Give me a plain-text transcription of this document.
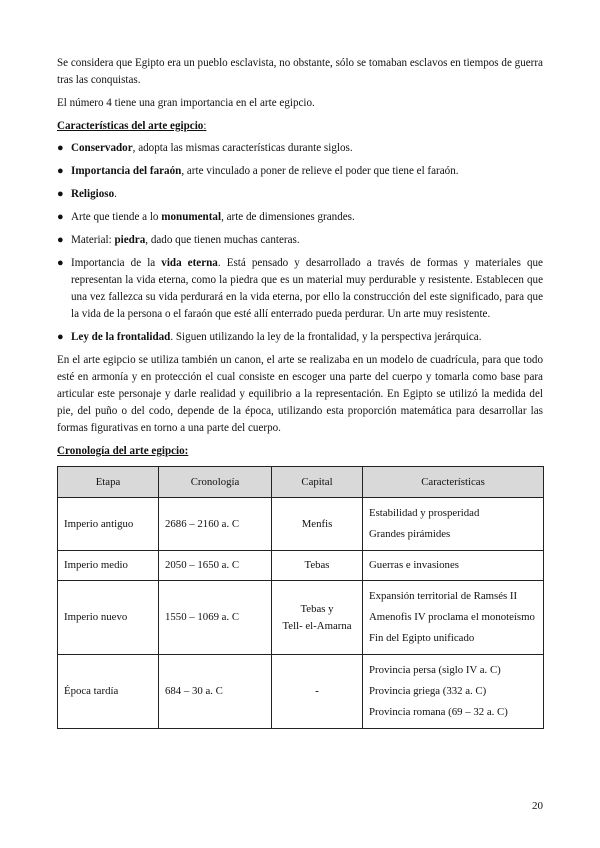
Se considera que Egipto era un pueblo esclavista, no obstante, sólo se tomaban esclavos en tiempos de guerra tras las conquistas.

El número 4 tiene una gran importancia en el arte egipcio.

Características del arte egipcio:
● Conservador, adopta las mismas características durante siglos.
● Importancia del faraón, arte vinculado a poner de relieve el poder que tiene el faraón.
● Religioso.
● Arte que tiende a lo monumental, arte de dimensiones grandes.
● Material: piedra, dado que tienen muchas canteras.
● Importancia de la vida eterna. Está pensado y desarrollado a través de formas y materiales que representan la vida eterna, como la piedra que es un material muy perdurable y resistente. Establecen que una vez fallezca su vida perdurará en la vida eterna, por ello la construcción del este significado, para que la vida de la persona o el faraón que esté allí enterrado pueda perdurar. Un arte muy resistente.
● Ley de la frontalidad. Siguen utilizando la ley de la frontalidad, y la perspectiva jerárquica.

En el arte egipcio se utiliza también un canon, el arte se realizaba en un modelo de cuadrícula, para que todo esté en armonía y en protección el cual consiste en escoger una parte del cuerpo y tomarla como base para articular este personaje y darle realidad y equilibrio a la representación. En Egipto se utilizó la medida del pie, del puño o del codo, depende de la época, utilizando esta proporción matemática para desarrollar las formas figurativas en torno a una parte del cuerpo.

Cronología del arte egipcio:
Etapa	Cronología	Capital	Características
Imperio antiguo	2686 – 2160 a. C	Menfis	Estabilidad y prosperidad
Grandes pirámides

Imperio medio	2050 – 1650 a. C	Tebas	Guerras e invasiones

Imperio nuevo	1550 – 1069 a. C	Tebas y
Tell- el-Amarna	Expansión territorial de Ramsés II
Amenofis IV proclama el monoteísmo
Fin del Egipto unificado

Época tardía	684 – 30 a. C	-	Provincia persa (siglo IV a. C)
Provincia griega (332 a. C)
Provincia romana (69 – 32 a. C)
20
